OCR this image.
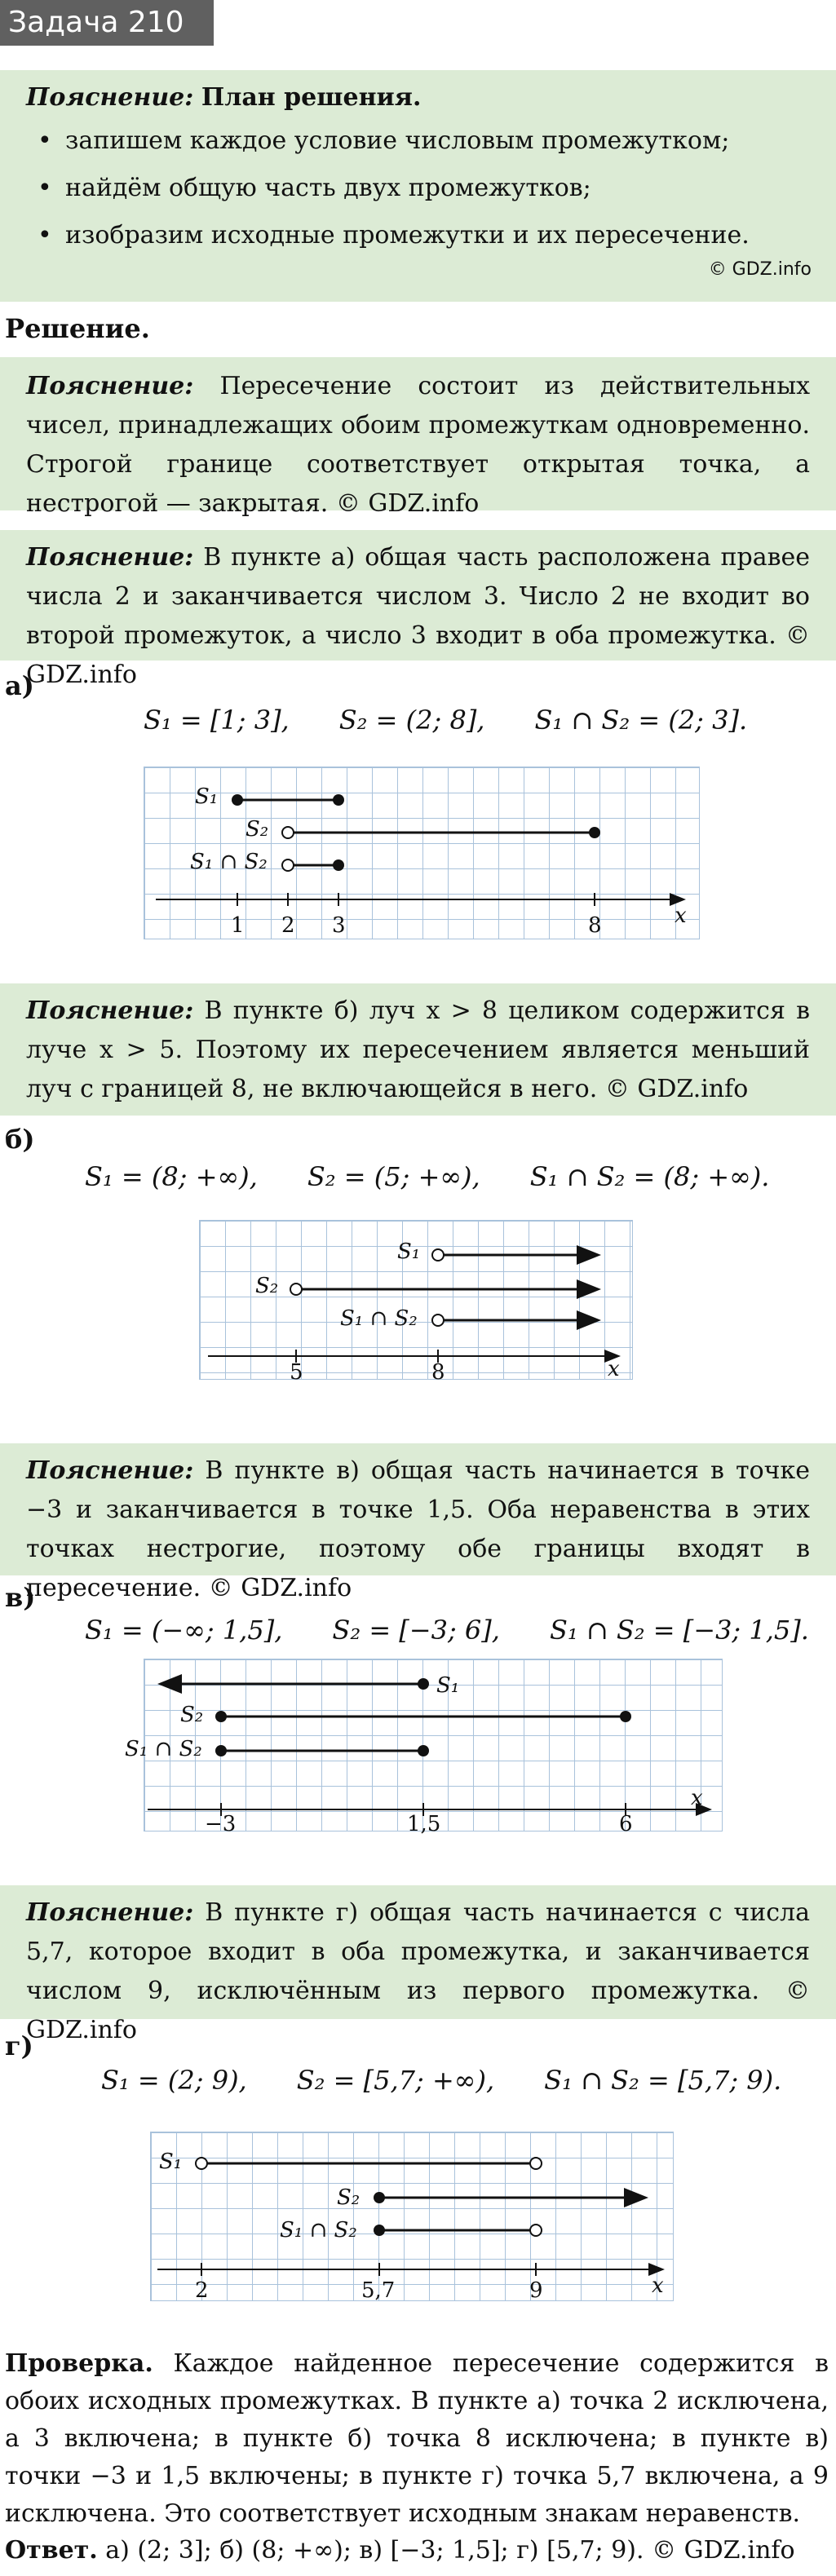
Задача 210

Пояснение: План решения.

• запишем каждое условие числовым промежутком;
• найдём общую часть двух промежутков;
• изобразим исходные промежутки и их пересечение.
© GDZ.info
Решение.

Пояснение: Пересечение состоит из действительных чисел, принадлежащих обоим промежуткам одновременно. Строгой границе соответствует открытая точка, а нестрогой — закрытая. © GDZ.info

Пояснение: В пункте а) общая часть расположена правее числа 2 и заканчивается числом 3. Число 2 не входит во второй промежуток, а число 3 входит в оба промежутка. © GDZ.info

а)
S₁ = [1; 3],      S₂ = (2; 8],      S₁ ∩ S₂ = (2; 3].
x
1 2 3	8
S₁
S₂
S₁ ∩ S₂

Пояснение: В пункте б) луч x > 8 целиком содержится в луче x > 5. Поэтому их пересечением является меньший луч с границей 8, не включающейся в него. © GDZ.info

б)
S₁ = (8; +∞),      S₂ = (5; +∞),      S₁ ∩ S₂ = (8; +∞).
x
5	8
S₁
S₂
S₁ ∩ S₂

Пояснение: В пункте в) общая часть начинается в точке −3 и заканчивается в точке 1,5. Оба неравенства в этих точках нестрогие, поэтому обе границы входят в пересечение. © GDZ.info

в)
S₁ = (−∞; 1,5],      S₂ = [−3; 6],      S₁ ∩ S₂ = [−3; 1,5].
x
−3	1,5	6
S₁
S₂
S₁ ∩ S₂

Пояснение: В пункте г) общая часть начинается с числа 5,7, которое входит в оба промежутка, и заканчивается числом 9, исключённым из первого промежутка. © GDZ.info

г)
S₁ = (2; 9),      S₂ = [5,7; +∞),      S₁ ∩ S₂ = [5,7; 9).
x
2	5,7	9
S₁
S₂
S₁ ∩ S₂

Проверка. Каждое найденное пересечение содержится в обоих исходных промежутках. В пункте а) точка 2 исключена, а 3 включена; в пункте б) точка 8 исключена; в пункте в) точки −3 и 1,5 включены; в пункте г) точка 5,7 включена, а 9 исключена. Это соответствует исходным знакам неравенств.

Ответ. а) (2; 3]; б) (8; +∞); в) [−3; 1,5]; г) [5,7; 9). © GDZ.info
